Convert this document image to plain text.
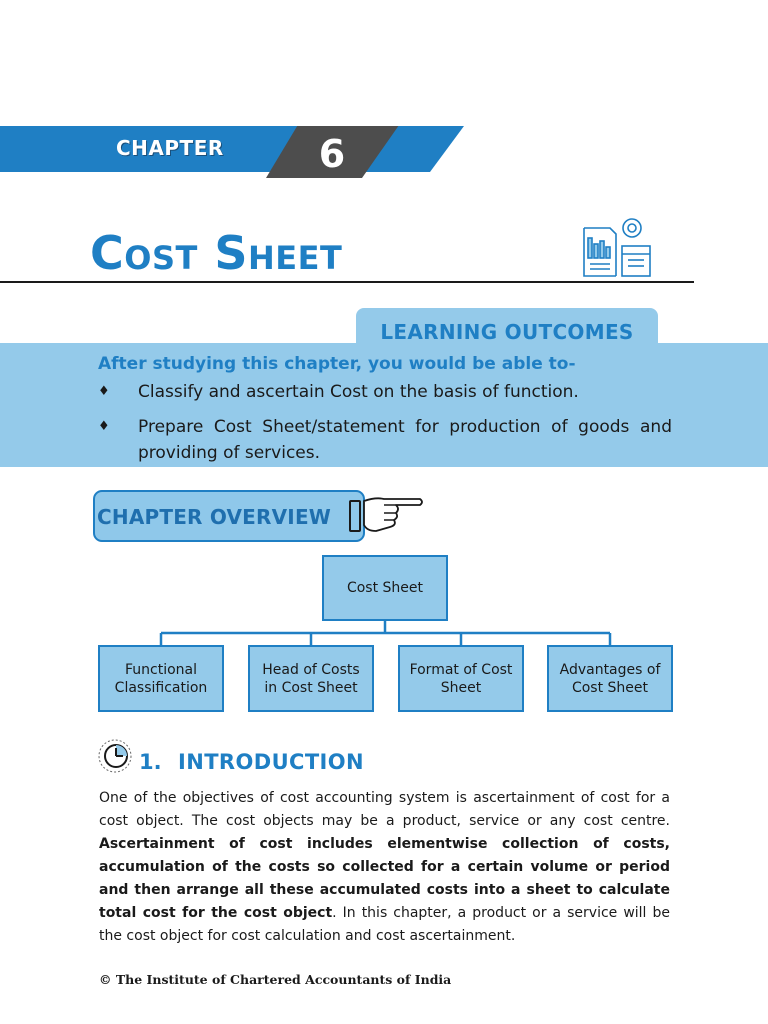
CHAPTER	6
Cost Sheet
LEARNING OUTCOMES
After studying this chapter, you would be able to-
♦	Classify and ascertain Cost on the basis of function.
♦	Prepare Cost Sheet/statement for production of goods and providing of services.
CHAPTER OVERVIEW
Cost Sheet
Functional Classification
Head of Costs in Cost Sheet
Format of Cost Sheet
Advantages of Cost Sheet
1. INTRODUCTION

One of the objectives of cost accounting system is ascertainment of cost for a cost object. The cost objects may be a product, service or any cost centre. Ascertainment of cost includes elementwise collection of costs, accumulation of the costs so collected for a certain volume or period and then arrange all these accumulated costs into a sheet to calculate total cost for the cost object. In this chapter, a product or a service will be the cost object for cost calculation and cost ascertainment.

© The Institute of Chartered Accountants of India
